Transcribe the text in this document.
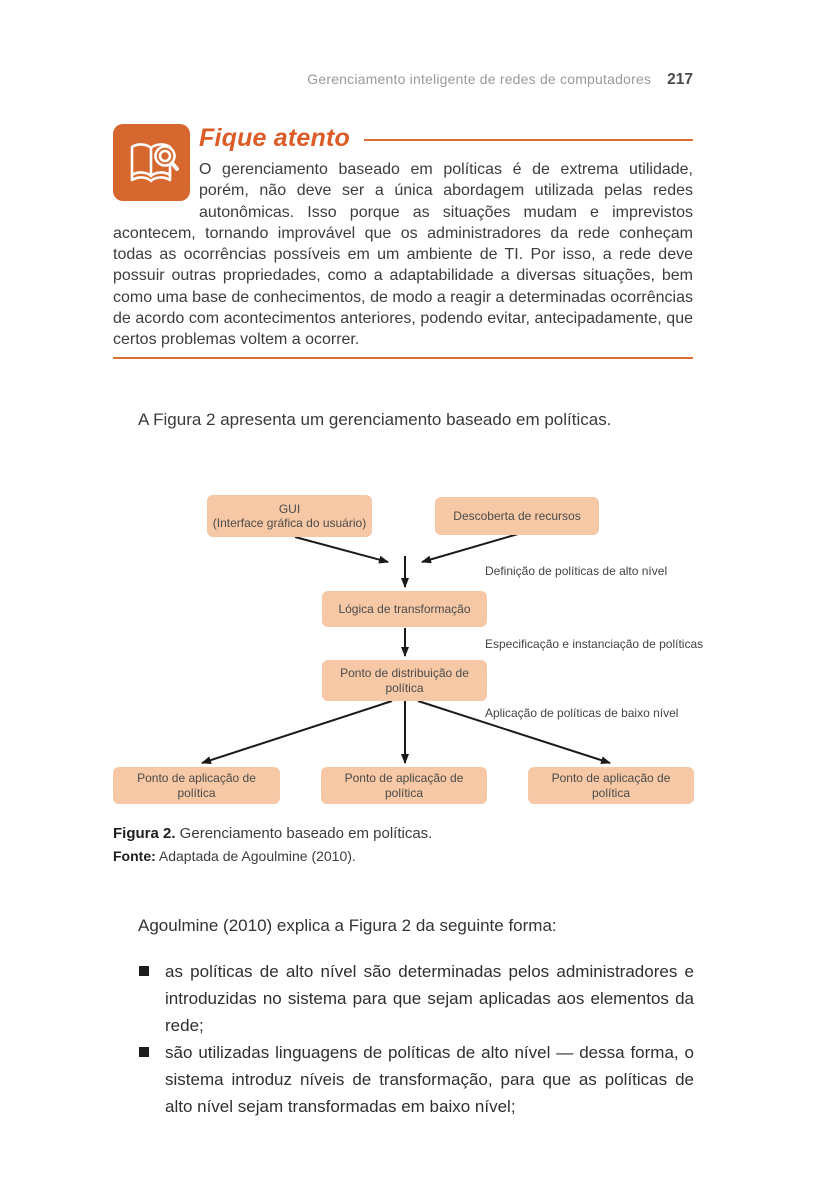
Gerenciamento inteligente de redes de computadores 217
Fique atento
O gerenciamento baseado em políticas é de extrema utilidade, porém, não deve ser a única abordagem utilizada pelas redes autonômicas. Isso porque as situações mudam e imprevistos acontecem, tornando improvável que os administradores da rede conheçam todas as ocorrências possíveis em um ambiente de TI. Por isso, a rede deve possuir outras propriedades, como a adaptabilidade a diversas situações, bem como uma base de conhecimentos, de modo a reagir a determinadas ocorrências de acordo com acontecimentos anteriores, podendo evitar, antecipadamente, que certos problemas voltem a ocorrer.

A Figura 2 apresenta um gerenciamento baseado em políticas.

GUI
(Interface gráfica do usuário)
Descoberta de recursos
Lógica de transformação
Ponto de distribuição de política
Ponto de aplicação de política
Ponto de aplicação de política
Ponto de aplicação de política
Definição de políticas de alto nível
Especificação e instanciação de políticas
Aplicação de políticas de baixo nível
Figura 2. Gerenciamento baseado em políticas.
Fonte: Adaptada de Agoulmine (2010).

Agoulmine (2010) explica a Figura 2 da seguinte forma:

as políticas de alto nível são determinadas pelos administradores e introduzidas no sistema para que sejam aplicadas aos elementos da rede;
são utilizadas linguagens de políticas de alto nível — dessa forma, o sistema introduz níveis de transformação, para que as políticas de alto nível sejam transformadas em baixo nível;
